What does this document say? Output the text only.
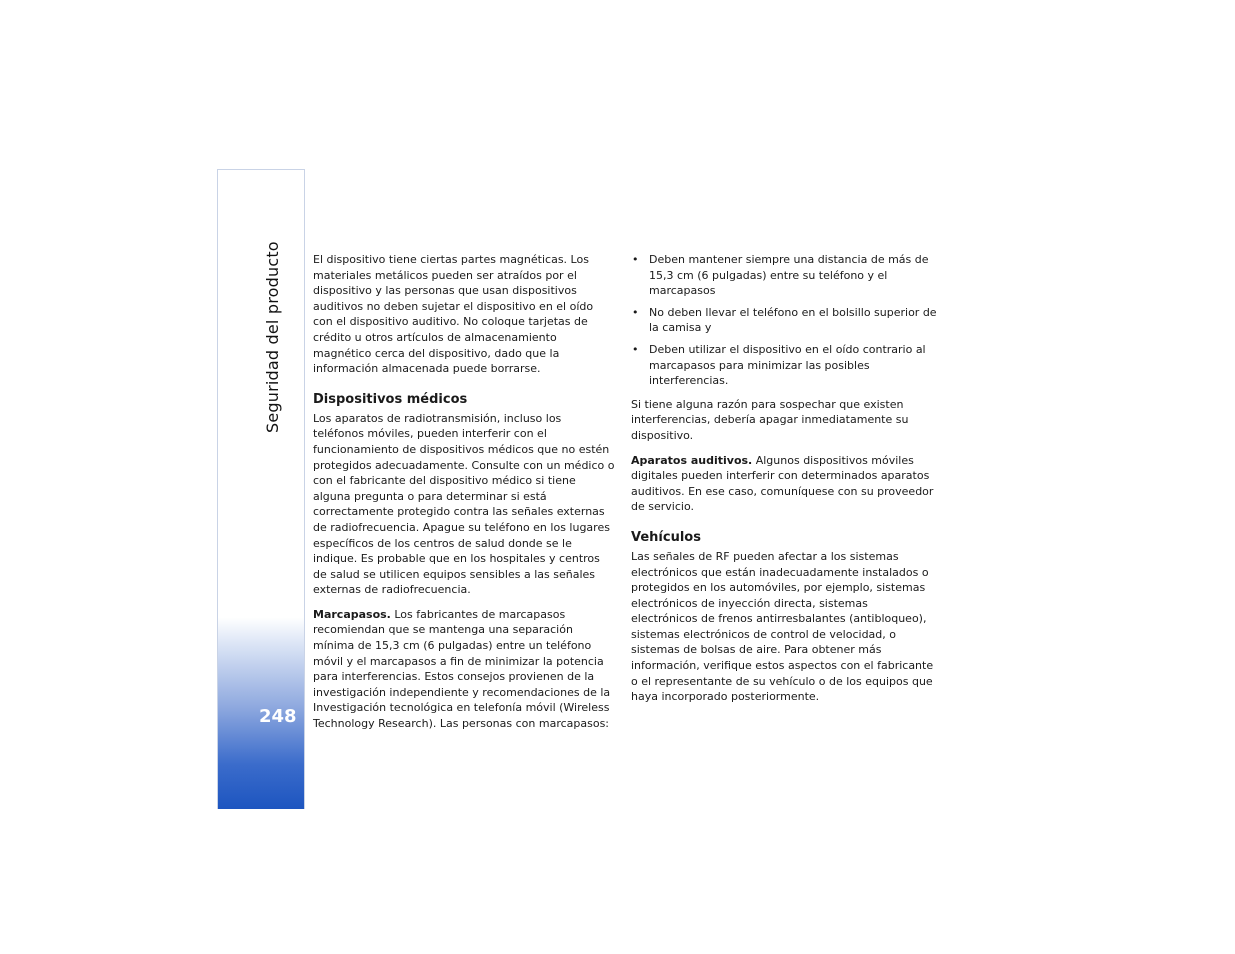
Seguridad del producto
248

El dispositivo tiene ciertas partes magnéticas. Los materiales metálicos pueden ser atraídos por el dispositivo y las personas que usan dispositivos auditivos no deben sujetar el dispositivo en el oído con el dispositivo auditivo. No coloque tarjetas de crédito u otros artículos de almacenamiento magnético cerca del dispositivo, dado que la información almacenada puede borrarse.

Dispositivos médicos

Los aparatos de radiotransmisión, incluso los teléfonos móviles, pueden interferir con el funcionamiento de dispositivos médicos que no estén protegidos adecuadamente. Consulte con un médico o con el fabricante del dispositivo médico si tiene alguna pregunta o para determinar si está correctamente protegido contra las señales externas de radiofrecuencia. Apague su teléfono en los lugares específicos de los centros de salud donde se le indique. Es probable que en los hospitales y centros de salud se utilicen equipos sensibles a las señales externas de radiofrecuencia.

Marcapasos. Los fabricantes de marcapasos recomiendan que se mantenga una separación mínima de 15,3 cm (6 pulgadas) entre un teléfono móvil y el marcapasos a fin de minimizar la potencia para interferencias. Estos consejos provienen de la investigación independiente y recomendaciones de la Investigación tecnológica en telefonía móvil (Wireless Technology Research). Las personas con marcapasos:

• Deben mantener siempre una distancia de más de 15,3 cm (6 pulgadas) entre su teléfono y el marcapasos
• No deben llevar el teléfono en el bolsillo superior de la camisa y
• Deben utilizar el dispositivo en el oído contrario al marcapasos para minimizar las posibles interferencias.

Si tiene alguna razón para sospechar que existen interferencias, debería apagar inmediatamente su dispositivo.

Aparatos auditivos. Algunos dispositivos móviles digitales pueden interferir con determinados aparatos auditivos. En ese caso, comuníquese con su proveedor de servicio.

Vehículos

Las señales de RF pueden afectar a los sistemas electrónicos que están inadecuadamente instalados o protegidos en los automóviles, por ejemplo, sistemas electrónicos de inyección directa, sistemas electrónicos de frenos antirresbalantes (antibloqueo), sistemas electrónicos de control de velocidad, o sistemas de bolsas de aire. Para obtener más información, verifique estos aspectos con el fabricante o el representante de su vehículo o de los equipos que haya incorporado posteriormente.
